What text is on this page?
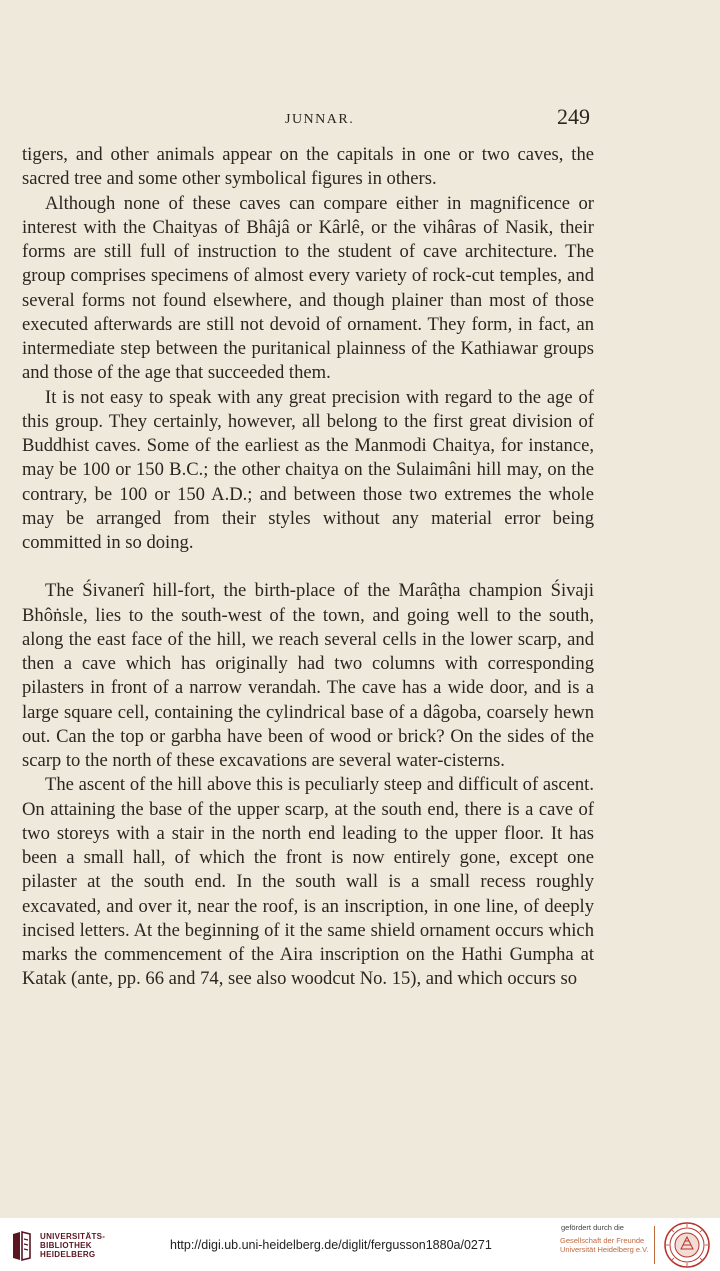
JUNNAR.	249

tigers, and other animals appear on the capitals in one or two caves, the sacred tree and some other symbolical figures in others.

Although none of these caves can compare either in magnificence or interest with the Chaityas of Bhâjâ or Kârlê, or the vihâras of Nasik, their forms are still full of instruction to the student of cave architecture. The group comprises specimens of almost every variety of rock-cut temples, and several forms not found elsewhere, and though plainer than most of those executed afterwards are still not devoid of ornament. They form, in fact, an intermediate step between the puritanical plainness of the Kathiawar groups and those of the age that succeeded them.

It is not easy to speak with any great precision with regard to the age of this group. They certainly, however, all belong to the first great division of Buddhist caves. Some of the earliest as the Manmodi Chaitya, for instance, may be 100 or 150 B.C.; the other chaitya on the Sulaimâni hill may, on the contrary, be 100 or 150 A.D.; and between those two extremes the whole may be arranged from their styles without any material error being committed in so doing.

The Śivanerî hill-fort, the birth-place of the Marâṭha champion Śivaji Bhôṅsle, lies to the south-west of the town, and going well to the south, along the east face of the hill, we reach several cells in the lower scarp, and then a cave which has originally had two columns with corresponding pilasters in front of a narrow verandah. The cave has a wide door, and is a large square cell, containing the cylindrical base of a dâgoba, coarsely hewn out. Can the top or garbha have been of wood or brick? On the sides of the scarp to the north of these excavations are several water-cisterns.

The ascent of the hill above this is peculiarly steep and difficult of ascent. On attaining the base of the upper scarp, at the south end, there is a cave of two storeys with a stair in the north end leading to the upper floor. It has been a small hall, of which the front is now entirely gone, except one pilaster at the south end. In the south wall is a small recess roughly excavated, and over it, near the roof, is an inscription, in one line, of deeply incised letters. At the beginning of it the same shield ornament occurs which marks the commencement of the Aira inscription on the Hathi Gumpha at Katak (ante, pp. 66 and 74, see also woodcut No. 15), and which occurs so

UNIVERSITÄTS-
BIBLIOTHEK
HEIDELBERG
http://digi.ub.uni-heidelberg.de/diglit/fergusson1880a/0271
gefördert durch die
Gesellschaft der Freunde
Universität Heidelberg e.V.
